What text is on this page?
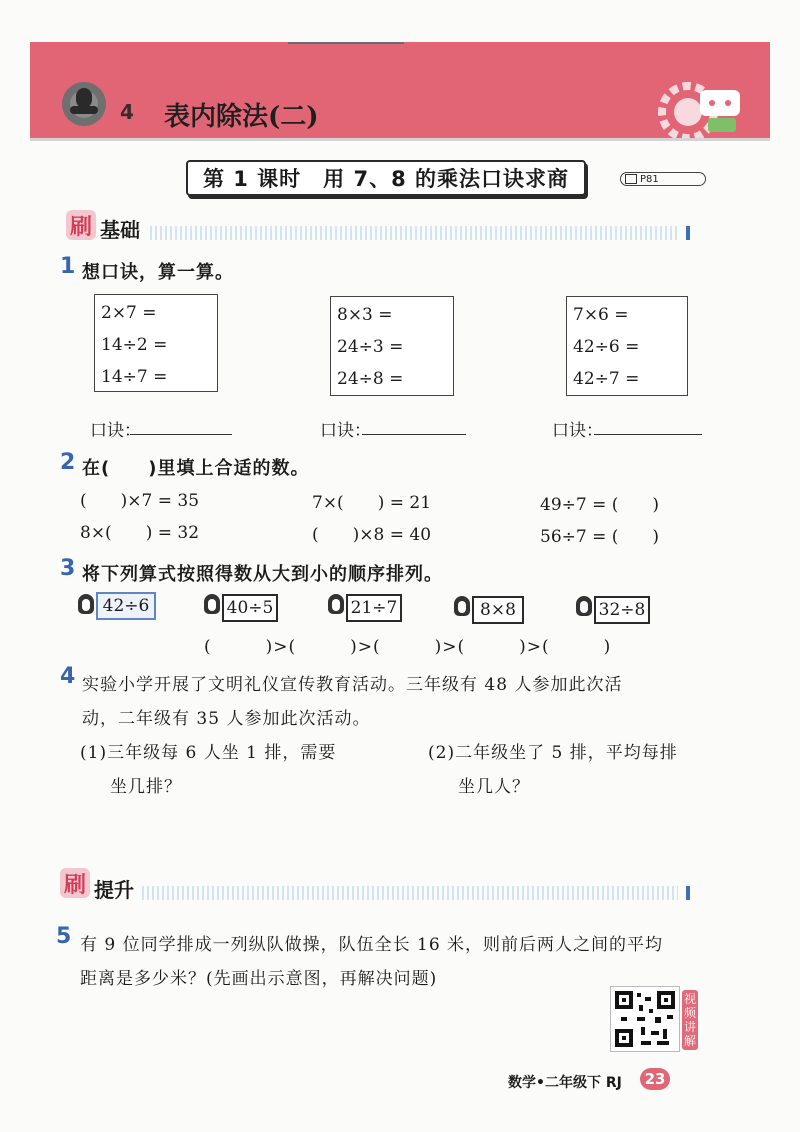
4 表内除法(二)
第 1 课时　用 7、8 的乘法口诀求商	P81
刷 基础
1 想口诀，算一算。
2×7 =
14÷2 =
14÷7 =
8×3 =
24÷3 =
24÷8 =
7×6 =
42÷6 =
42÷7 =
口诀：	口诀：	口诀：
2 在(　　)里填上合适的数。
(　　)×7 = 35	7×(　　) = 21	49÷7 = (　　)
8×(　　) = 32	(　　)×8 = 40	56÷7 = (　　)
3 将下列算式按照得数从大到小的顺序排列。
42÷6	40÷5	21÷7	8×8	32÷8
(　　　)>(　　　)>(　　　)>(　　　)>(　　　)
4 实验小学开展了文明礼仪宣传教育活动。三年级有 48 人参加此次活
动，二年级有 35 人参加此次活动。
(1)三年级每 6 人坐 1 排，需要
坐几排？
(2)二年级坐了 5 排，平均每排
坐几人？
刷 提升
5 有 9 位同学排成一列纵队做操，队伍全长 16 米，则前后两人之间的平均
距离是多少米？(先画出示意图，再解决问题)
视频讲解
数学•二年级下 RJ	23
